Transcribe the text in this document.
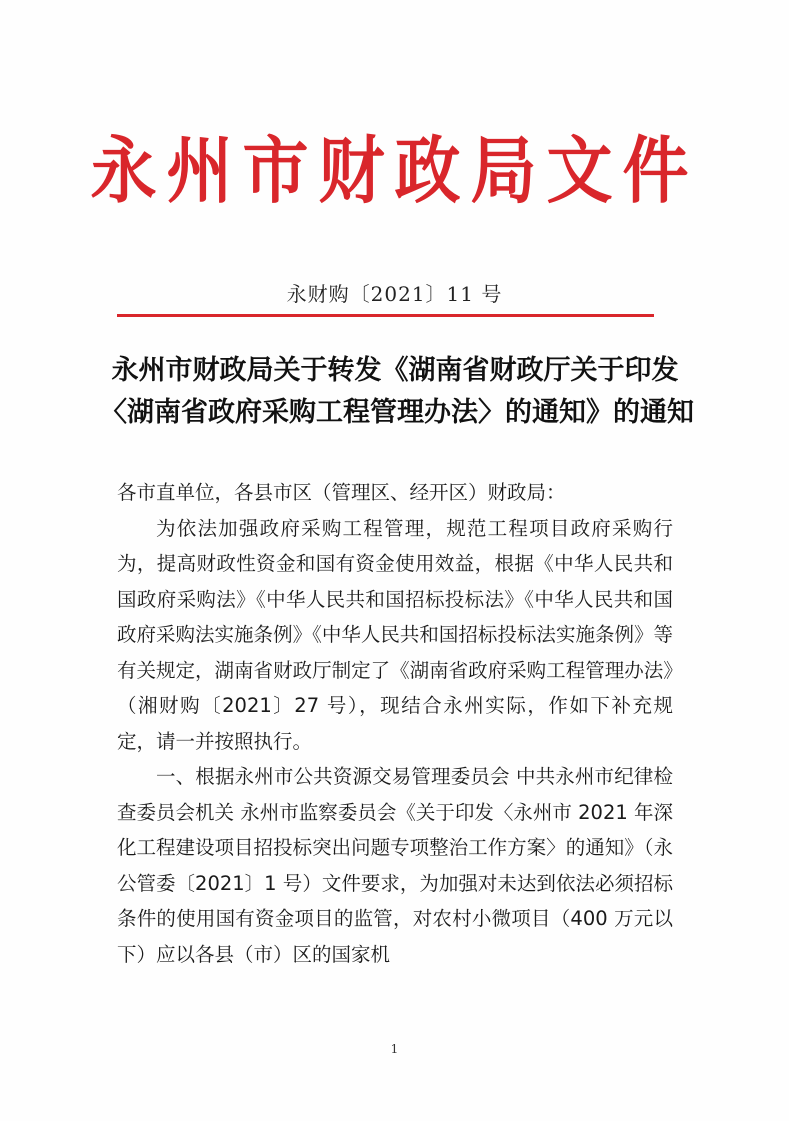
永州市财政局文件
永财购〔2021〕11 号
永州市财政局关于转发《湖南省财政厅关于印发
〈湖南省政府采购工程管理办法〉的通知》的通知

各市直单位，各县市区（管理区、经开区）财政局：

为依法加强政府采购工程管理，规范工程项目政府采购行为，提高财政性资金和国有资金使用效益，根据《中华人民共和国政府采购法》《中华人民共和国招标投标法》《中华人民共和国政府采购法实施条例》《中华人民共和国招标投标法实施条例》等有关规定，湖南省财政厅制定了《湖南省政府采购工程管理办法》（湘财购〔2021〕27 号），现结合永州实际，作如下补充规定，请一并按照执行。

一、根据永州市公共资源交易管理委员会 中共永州市纪律检查委员会机关 永州市监察委员会《关于印发〈永州市 2021 年深化工程建设项目招投标突出问题专项整治工作方案〉的通知》（永公管委〔2021〕1 号）文件要求，为加强对未达到依法必须招标条件的使用国有资金项目的监管，对农村小微项目（400 万元以下）应以各县（市）区的国家机

1
